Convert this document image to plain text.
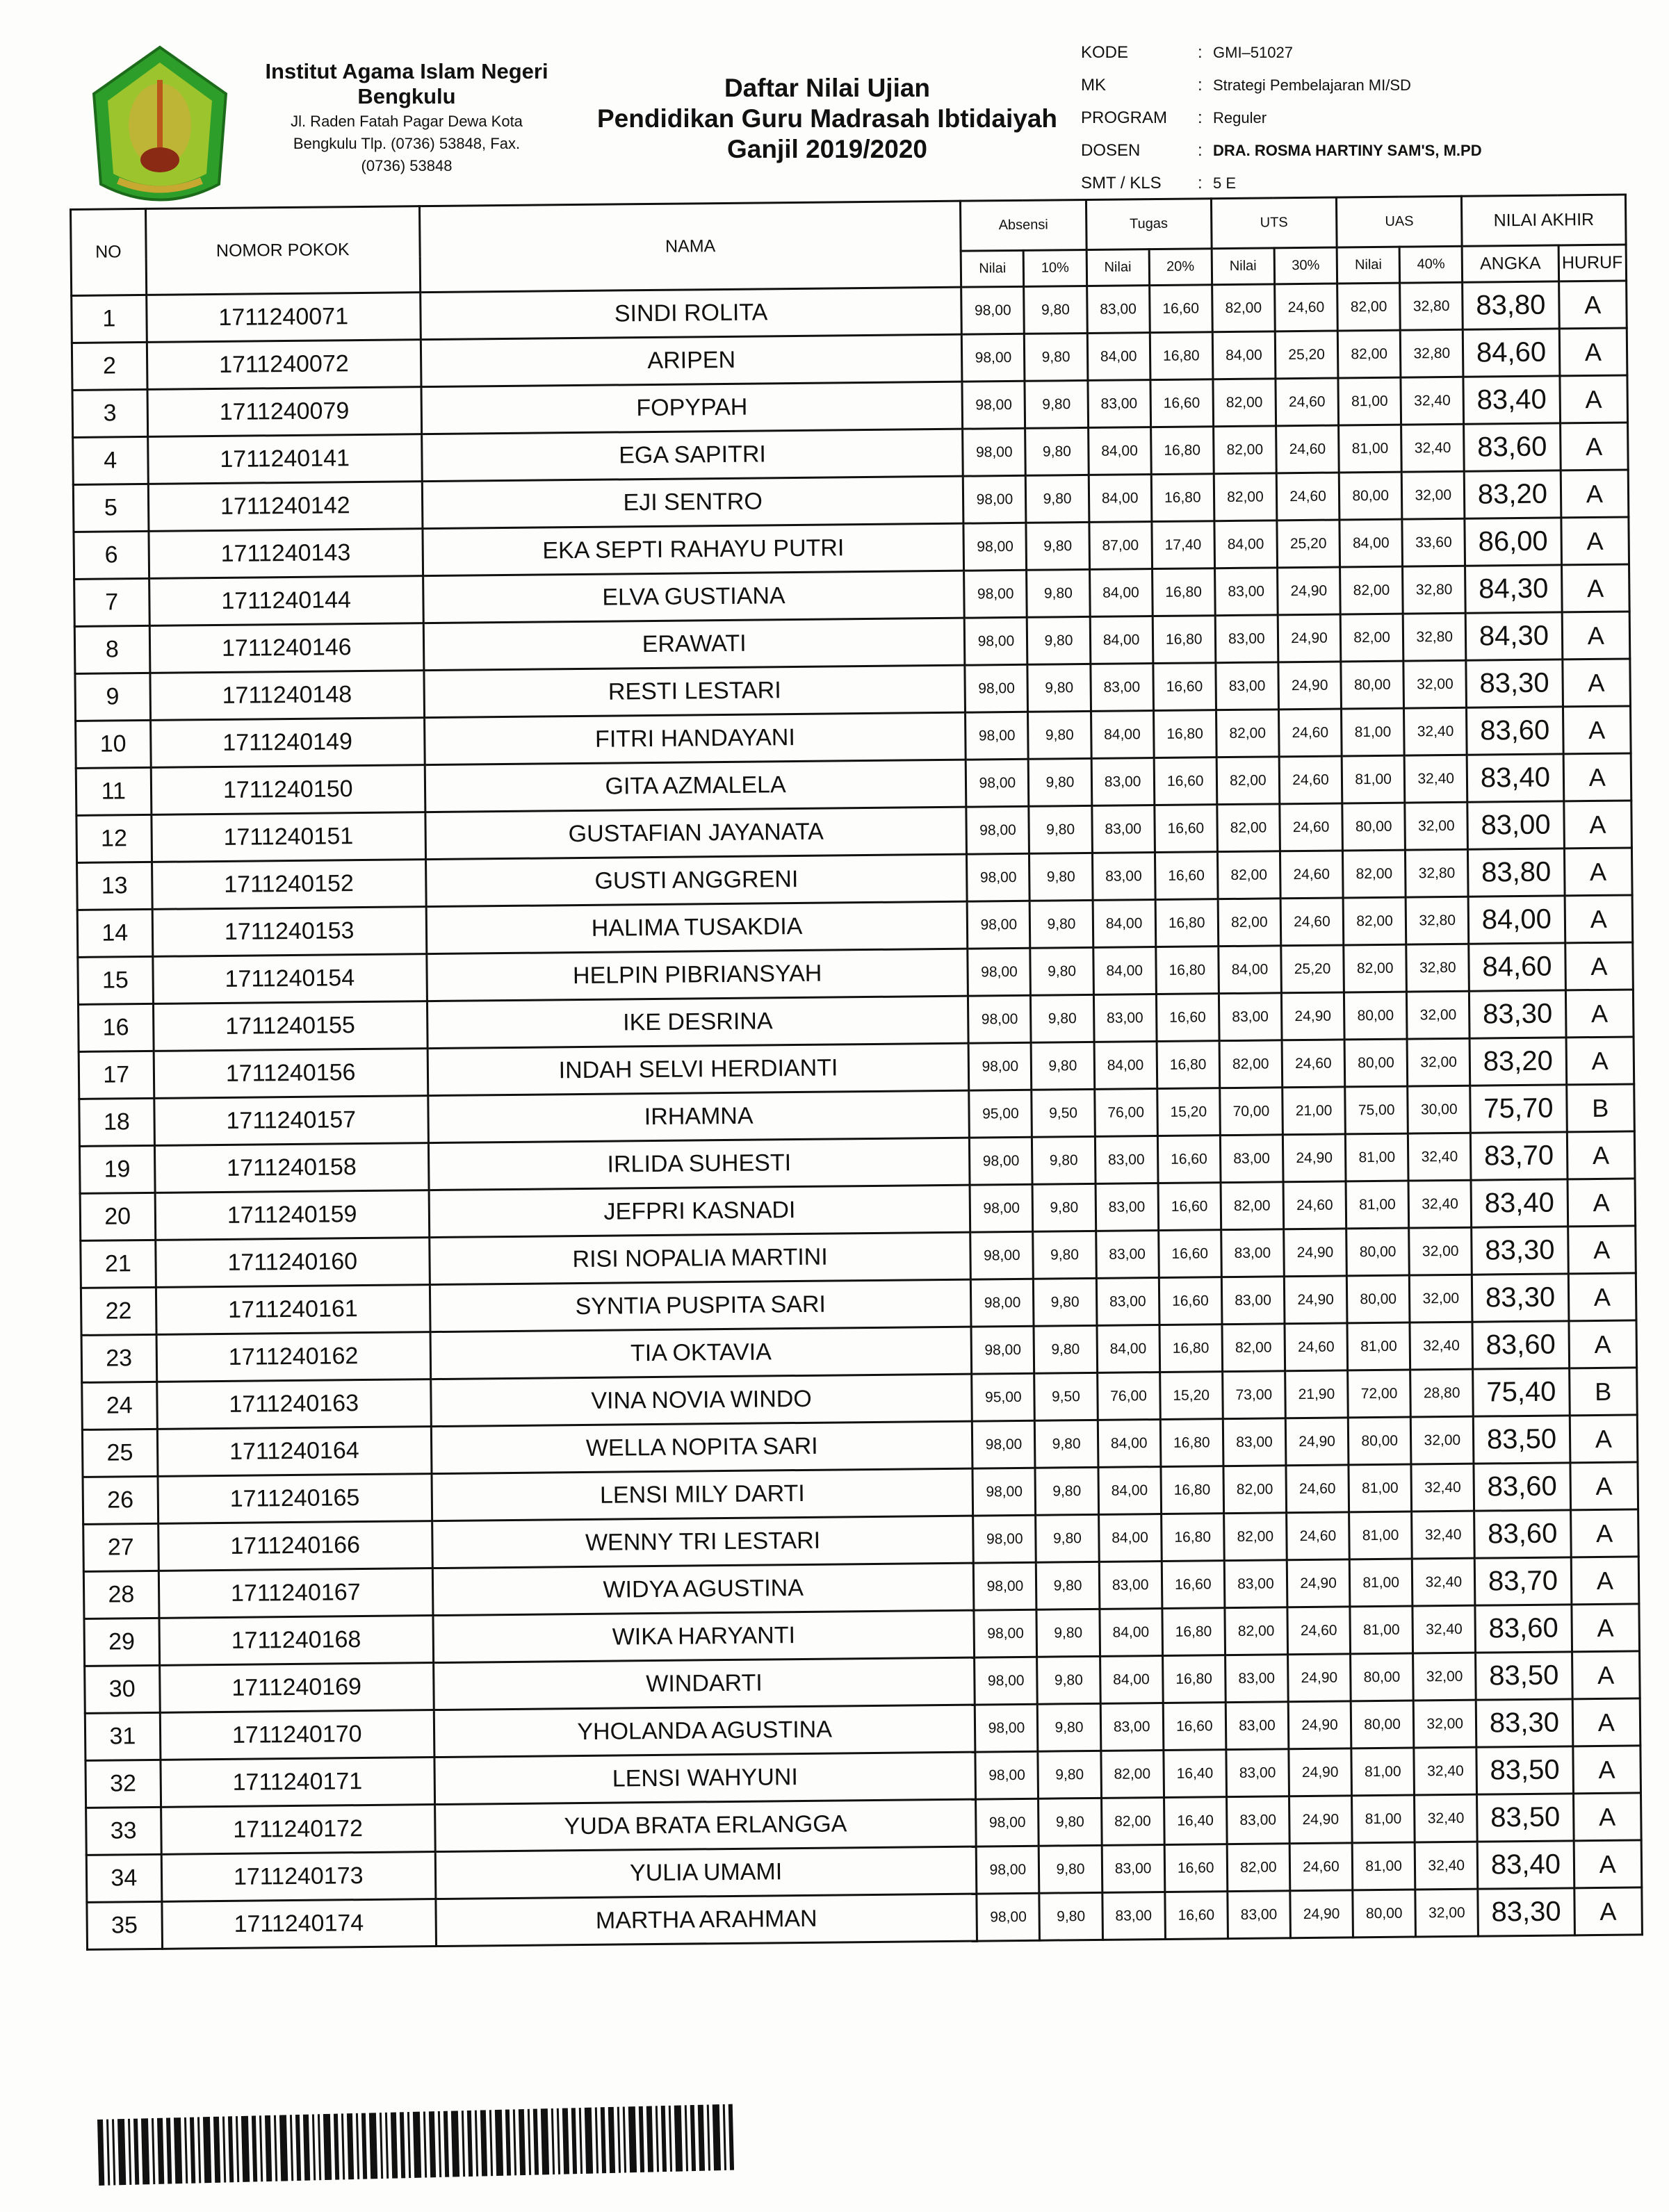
Institut Agama Islam Negeri
Bengkulu
Jl. Raden Fatah Pagar Dewa Kota
Bengkulu Tlp. (0736) 53848, Fax.
(0736) 53848
Daftar Nilai Ujian
Pendidikan Guru Madrasah Ibtidaiyah
Ganjil 2019/2020
KODE	: GMI–51027
MK	: Strategi Pembelajaran MI/SD
PROGRAM	: Reguler
DOSEN	: DRA. ROSMA HARTINY SAM'S, M.PD
SMT / KLS	: 5 E
NO	NOMOR POKOK	NAMA	Absensi		Tugas		UTS		UAS		NILAI AKHIR	
			Nilai	10%	Nilai	20%	Nilai	30%	Nilai	40%	ANGKA	HURUF
1	1711240071	SINDI ROLITA	98,00	9,80	83,00	16,60	82,00	24,60	82,00	32,80	83,80	A
2	1711240072	ARIPEN	98,00	9,80	84,00	16,80	84,00	25,20	82,00	32,80	84,60	A
3	1711240079	FOPYPAH	98,00	9,80	83,00	16,60	82,00	24,60	81,00	32,40	83,40	A
4	1711240141	EGA SAPITRI	98,00	9,80	84,00	16,80	82,00	24,60	81,00	32,40	83,60	A
5	1711240142	EJI SENTRO	98,00	9,80	84,00	16,80	82,00	24,60	80,00	32,00	83,20	A
6	1711240143	EKA SEPTI RAHAYU PUTRI	98,00	9,80	87,00	17,40	84,00	25,20	84,00	33,60	86,00	A
7	1711240144	ELVA GUSTIANA	98,00	9,80	84,00	16,80	83,00	24,90	82,00	32,80	84,30	A
8	1711240146	ERAWATI	98,00	9,80	84,00	16,80	83,00	24,90	82,00	32,80	84,30	A
9	1711240148	RESTI LESTARI	98,00	9,80	83,00	16,60	83,00	24,90	80,00	32,00	83,30	A
10	1711240149	FITRI HANDAYANI	98,00	9,80	84,00	16,80	82,00	24,60	81,00	32,40	83,60	A
11	1711240150	GITA AZMALELA	98,00	9,80	83,00	16,60	82,00	24,60	81,00	32,40	83,40	A
12	1711240151	GUSTAFIAN JAYANATA	98,00	9,80	83,00	16,60	82,00	24,60	80,00	32,00	83,00	A
13	1711240152	GUSTI ANGGRENI	98,00	9,80	83,00	16,60	82,00	24,60	82,00	32,80	83,80	A
14	1711240153	HALIMA TUSAKDIA	98,00	9,80	84,00	16,80	82,00	24,60	82,00	32,80	84,00	A
15	1711240154	HELPIN PIBRIANSYAH	98,00	9,80	84,00	16,80	84,00	25,20	82,00	32,80	84,60	A
16	1711240155	IKE DESRINA	98,00	9,80	83,00	16,60	83,00	24,90	80,00	32,00	83,30	A
17	1711240156	INDAH SELVI HERDIANTI	98,00	9,80	84,00	16,80	82,00	24,60	80,00	32,00	83,20	A
18	1711240157	IRHAMNA	95,00	9,50	76,00	15,20	70,00	21,00	75,00	30,00	75,70	B
19	1711240158	IRLIDA SUHESTI	98,00	9,80	83,00	16,60	83,00	24,90	81,00	32,40	83,70	A
20	1711240159	JEFPRI KASNADI	98,00	9,80	83,00	16,60	82,00	24,60	81,00	32,40	83,40	A
21	1711240160	RISI NOPALIA MARTINI	98,00	9,80	83,00	16,60	83,00	24,90	80,00	32,00	83,30	A
22	1711240161	SYNTIA PUSPITA SARI	98,00	9,80	83,00	16,60	83,00	24,90	80,00	32,00	83,30	A
23	1711240162	TIA OKTAVIA	98,00	9,80	84,00	16,80	82,00	24,60	81,00	32,40	83,60	A
24	1711240163	VINA NOVIA WINDO	95,00	9,50	76,00	15,20	73,00	21,90	72,00	28,80	75,40	B
25	1711240164	WELLA NOPITA SARI	98,00	9,80	84,00	16,80	83,00	24,90	80,00	32,00	83,50	A
26	1711240165	LENSI MILY DARTI	98,00	9,80	84,00	16,80	82,00	24,60	81,00	32,40	83,60	A
27	1711240166	WENNY TRI LESTARI	98,00	9,80	84,00	16,80	82,00	24,60	81,00	32,40	83,60	A
28	1711240167	WIDYA AGUSTINA	98,00	9,80	83,00	16,60	83,00	24,90	81,00	32,40	83,70	A
29	1711240168	WIKA HARYANTI	98,00	9,80	84,00	16,80	82,00	24,60	81,00	32,40	83,60	A
30	1711240169	WINDARTI	98,00	9,80	84,00	16,80	83,00	24,90	80,00	32,00	83,50	A
31	1711240170	YHOLANDA AGUSTINA	98,00	9,80	83,00	16,60	83,00	24,90	80,00	32,00	83,30	A
32	1711240171	LENSI WAHYUNI	98,00	9,80	82,00	16,40	83,00	24,90	81,00	32,40	83,50	A
33	1711240172	YUDA BRATA ERLANGGA	98,00	9,80	82,00	16,40	83,00	24,90	81,00	32,40	83,50	A
34	1711240173	YULIA UMAMI	98,00	9,80	83,00	16,60	82,00	24,60	81,00	32,40	83,40	A
35	1711240174	MARTHA ARAHMAN	98,00	9,80	83,00	16,60	83,00	24,90	80,00	32,00	83,30	A
